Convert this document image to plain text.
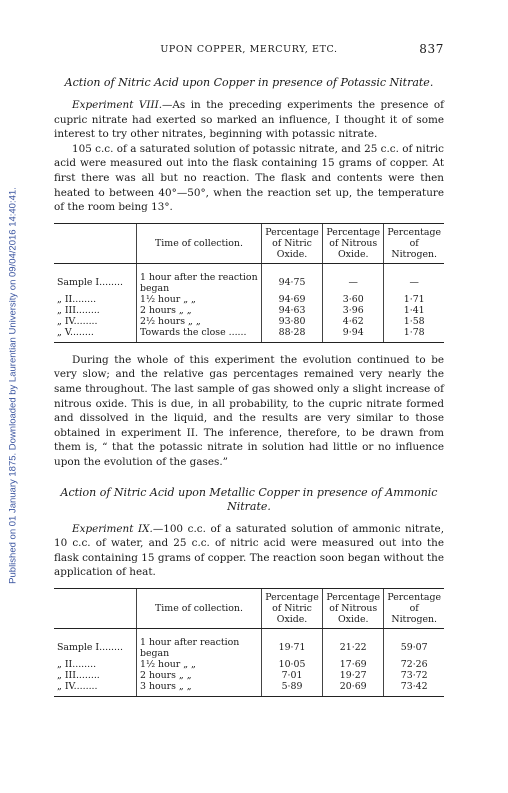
Published on 01 January 1875. Downloaded by Laurentian University on 09/04/2016 14:40:41.
UPON COPPER, MERCURY, ETC.	837
Action of Nitric Acid upon Copper in presence of Potassic Nitrate.

Experiment VIII.—As in the preceding experiments the presence of cupric nitrate had exerted so marked an influence, I thought it of some interest to try other nitrates, beginning with potassic nitrate.

105 c.c. of a saturated solution of potassic nitrate, and 25 c.c. of nitric acid were measured out into the flask containing 15 grams of copper. At first there was all but no reaction. The flask and contents were then heated to between 40°—50°, when the reaction set up, the temperature of the room being 13°.

	Time of collection.	Percentage of Nitric Oxide.	Percentage of Nitrous Oxide.	Percentage of Nitrogen.
Sample I........	1 hour after the reaction began	94·75	—	—
„ II........	1½ hour „ „	94·69	3·60	1·71
„ III........	2 hours „ „	94·63	3·96	1·41
„ IV........	2½ hours „ „	93·80	4·62	1·58
„ V........	Towards the close ......	88·28	9·94	1·78

During the whole of this experiment the evolution continued to be very slow; and the relative gas percentages remained very nearly the same throughout. The last sample of gas showed only a slight increase of nitrous oxide. This is due, in all probability, to the cupric nitrate formed and dissolved in the liquid, and the results are very similar to those obtained in experiment II. The inference, therefore, to be drawn from them is, “ that the potassic nitrate in solution had little or no influence upon the evolution of the gases.”

Action of Nitric Acid upon Metallic Copper in presence of Ammonic Nitrate.

Experiment IX.—100 c.c. of a saturated solution of ammonic nitrate, 10 c.c. of water, and 25 c.c. of nitric acid were measured out into the flask containing 15 grams of copper. The reaction soon began without the application of heat.

	Time of collection.	Percentage of Nitric Oxide.	Percentage of Nitrous Oxide.	Percentage of Nitrogen.
Sample I........	1 hour after reaction began	19·71	21·22	59·07
„ II........	1½ hour „ „	10·05	17·69	72·26
„ III........	2 hours „ „	7·01	19·27	73·72
„ IV........	3 hours „ „	5·89	20·69	73·42
